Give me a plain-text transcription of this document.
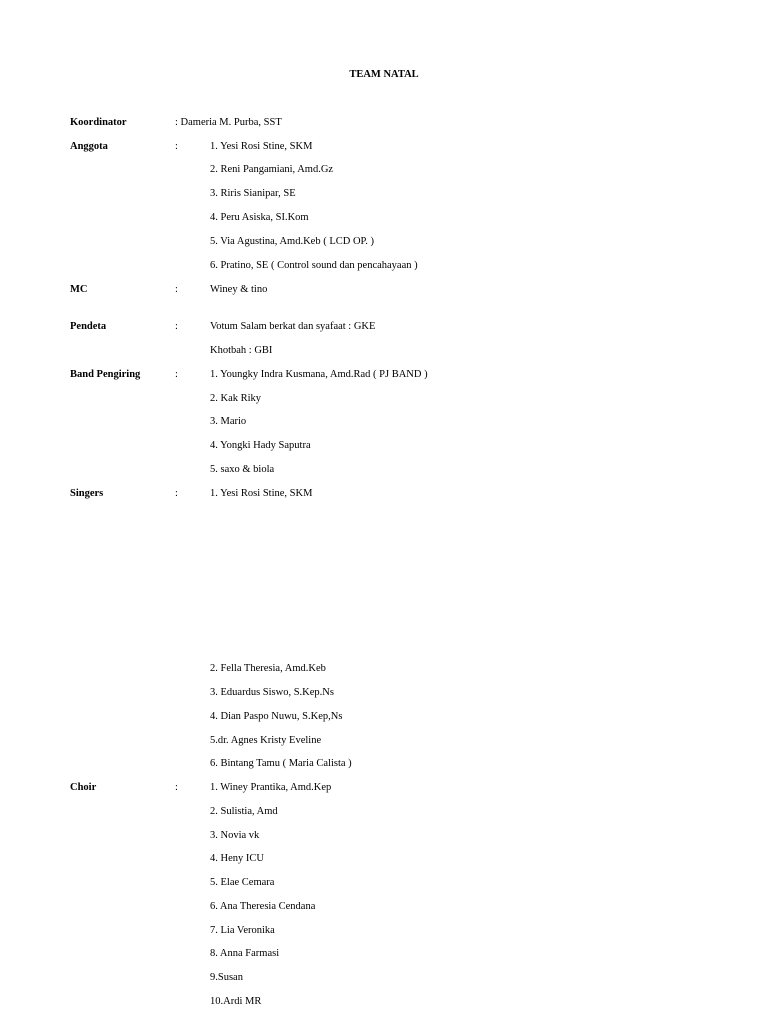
TEAM NATAL
Koordinator	: Dameria M. Purba, SST
Anggota	:	1. Yesi Rosi Stine, SKM
2. Reni Pangamiani, Amd.Gz
3. Riris Sianipar, SE
4. Peru Asiska, SI.Kom
5. Via Agustina, Amd.Keb ( LCD OP. )
6. Pratino, SE ( Control sound dan pencahayaan )
MC	:	Winey & tino
Pendeta	:	Votum Salam berkat dan syafaat : GKE
Khotbah : GBI
Band Pengiring	:	1. Youngky Indra Kusmana, Amd.Rad ( PJ BAND )
2. Kak Riky
3. Mario
4. Yongki Hady Saputra
5. saxo & biola
Singers	:	1. Yesi Rosi Stine, SKM
2. Fella Theresia, Amd.Keb
3. Eduardus Siswo, S.Kep.Ns
4. Dian Paspo Nuwu, S.Kep,Ns
5.dr. Agnes Kristy Eveline
6. Bintang Tamu ( Maria Calista )
Choir	:	1. Winey Prantika, Amd.Kep
2. Sulistia, Amd
3. Novia vk
4. Heny ICU
5. Elae Cemara
6. Ana Theresia Cendana
7. Lia Veronika
8. Anna Farmasi
9.Susan
10.Ardi MR
